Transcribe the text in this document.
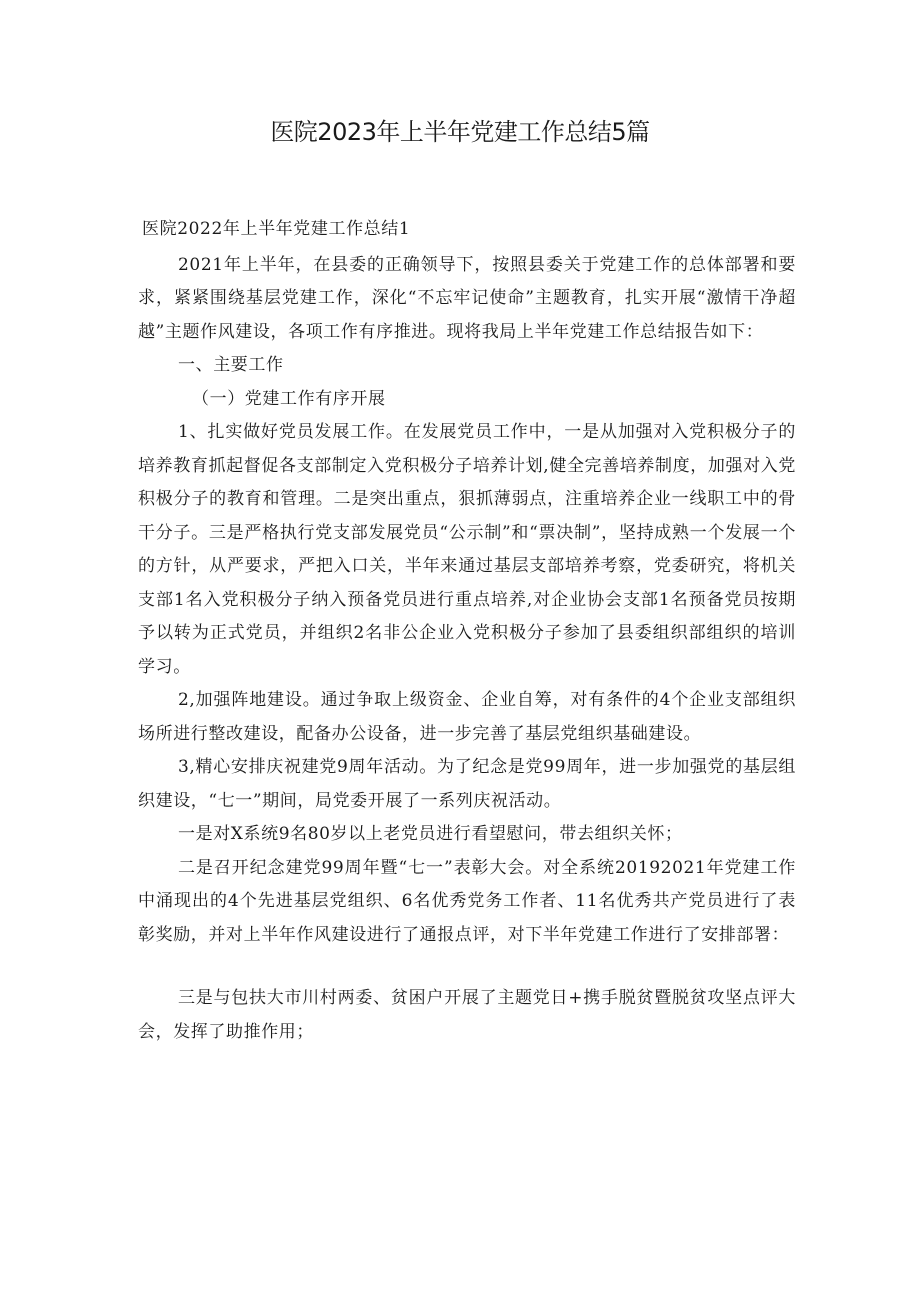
医院2023年上半年党建工作总结5篇

医院2022年上半年党建工作总结1

2021年上半年，在县委的正确领导下，按照县委关于党建工作的总体部署和要求，紧紧围绕基层党建工作，深化“不忘牢记使命”主题教育，扎实开展“激情干净超越”主题作风建设，各项工作有序推进。现将我局上半年党建工作总结报告如下：

一、主要工作

（一）党建工作有序开展

1、扎实做好党员发展工作。在发展党员工作中，一是从加强对入党积极分子的培养教育抓起督促各支部制定入党积极分子培养计划,健全完善培养制度，加强对入党积极分子的教育和管理。二是突出重点，狠抓薄弱点，注重培养企业一线职工中的骨干分子。三是严格执行党支部发展党员“公示制”和“票决制”，坚持成熟一个发展一个的方针，从严要求，严把入口关，半年来通过基层支部培养考察，党委研究，将机关支部1名入党积极分子纳入预备党员进行重点培养,对企业协会支部1名预备党员按期予以转为正式党员，并组织2名非公企业入党积极分子参加了县委组织部组织的培训学习。

2,加强阵地建设。通过争取上级资金、企业自筹，对有条件的4个企业支部组织场所进行整改建设，配备办公设备，进一步完善了基层党组织基础建设。

3,精心安排庆祝建党9周年活动。为了纪念是党99周年，进一步加强党的基层组织建设，“七一”期间，局党委开展了一系列庆祝活动。

一是对X系统9名80岁以上老党员进行看望慰问，带去组织关怀；

二是召开纪念建党99周年暨“七一”表彰大会。对全系统20192021年党建工作中涌现出的4个先进基层党组织、6名优秀党务工作者、11名优秀共产党员进行了表彰奖励，并对上半年作风建设进行了通报点评，对下半年党建工作进行了安排部署：

三是与包扶大市川村两委、贫困户开展了主题党日+携手脱贫暨脱贫攻坚点评大会，发挥了助推作用；
